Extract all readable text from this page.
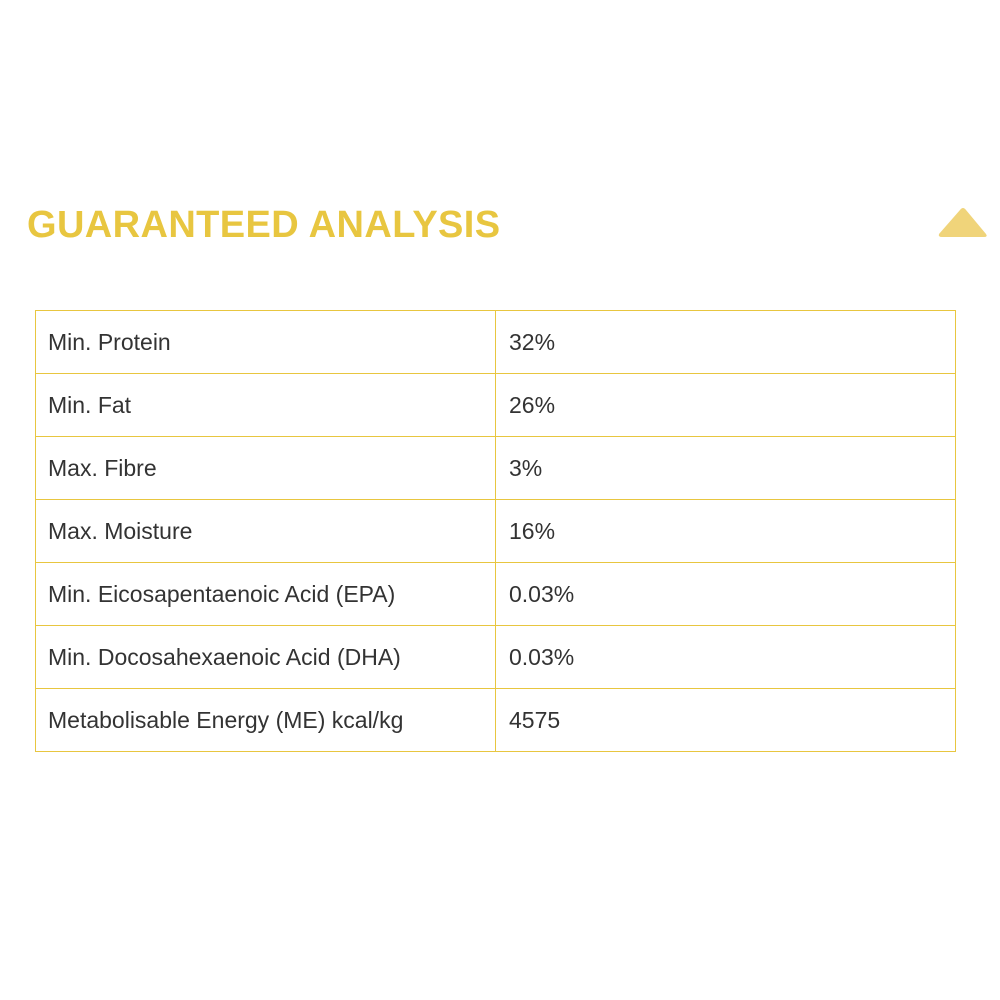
GUARANTEED ANALYSIS
Min. Protein	32%
Min. Fat	26%
Max. Fibre	3%
Max. Moisture	16%
Min. Eicosapentaenoic Acid (EPA)	0.03%
Min. Docosahexaenoic Acid (DHA)	0.03%
Metabolisable Energy (ME) kcal/kg	4575
